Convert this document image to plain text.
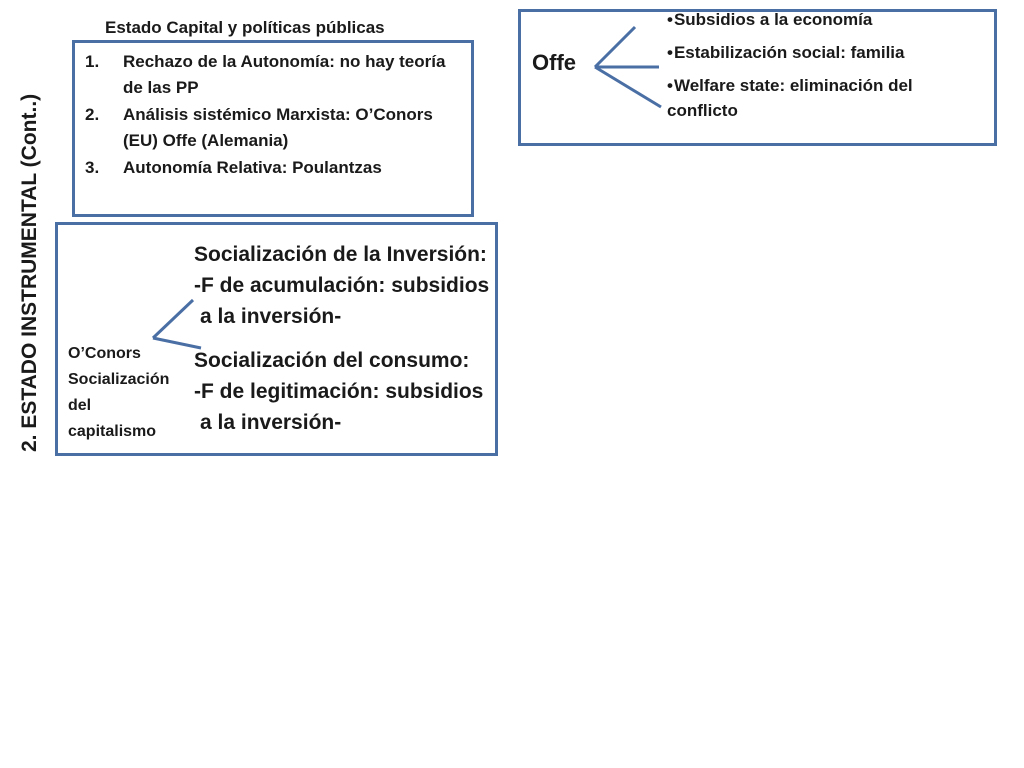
2. ESTADO INSTRUMENTAL (Cont..)
Estado Capital y políticas públicas
1. Rechazo de la Autonomía: no hay teoría de las PP
2. Análisis sistémico Marxista: O’Conors (EU) Offe (Alemania)
3. Autonomía Relativa: Poulantzas
O’Conors
Socialización
del
capitalismo
Socialización de la Inversión:
-F de acumulación: subsidios
a la inversión-
Socialización del consumo:
-F de legitimación: subsidios
a la inversión-
Offe
•Subsidios a la economía
•Estabilización social: familia
•Welfare state: eliminación del conflicto
